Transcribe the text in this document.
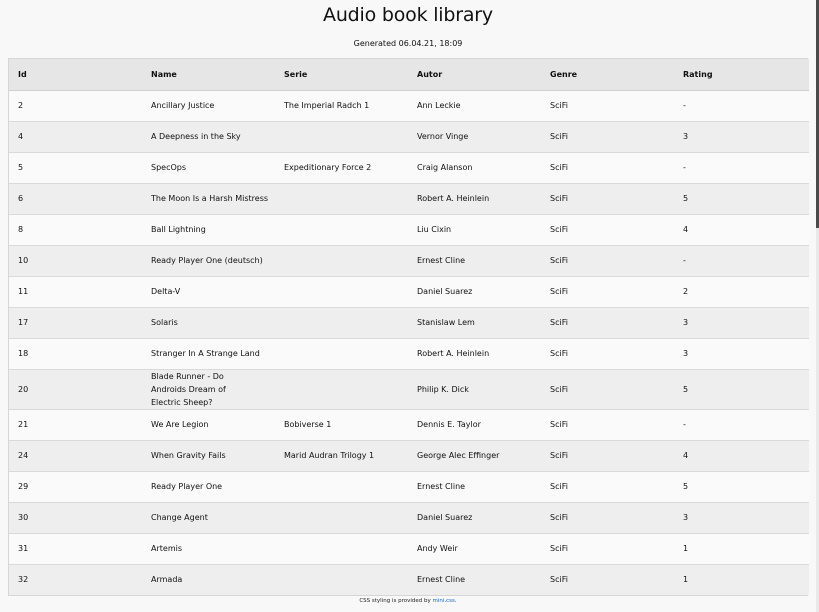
Audio book library
Generated 06.04.21, 18:09
Id	Name	Serie	Autor	Genre	Rating
2	Ancillary Justice	The Imperial Radch 1	Ann Leckie	SciFi	-
4	A Deepness in the Sky		Vernor Vinge	SciFi	3
5	SpecOps	Expeditionary Force 2	Craig Alanson	SciFi	-
6	The Moon Is a Harsh Mistress		Robert A. Heinlein	SciFi	5
8	Ball Lightning		Liu Cixin	SciFi	4
10	Ready Player One (deutsch)		Ernest Cline	SciFi	-
11	Delta-V		Daniel Suarez	SciFi	2
17	Solaris		Stanislaw Lem	SciFi	3
18	Stranger In A Strange Land		Robert A. Heinlein	SciFi	3
20	Blade Runner - Do Androids Dream of Electric Sheep?		Philip K. Dick	SciFi	5
21	We Are Legion	Bobiverse 1	Dennis E. Taylor	SciFi	-
24	When Gravity Fails	Marid Audran Trilogy 1	George Alec Effinger	SciFi	4
29	Ready Player One		Ernest Cline	SciFi	5
30	Change Agent		Daniel Suarez	SciFi	3
31	Artemis		Andy Weir	SciFi	1
32	Armada		Ernest Cline	SciFi	1
CSS styling is provided by mini.css.
